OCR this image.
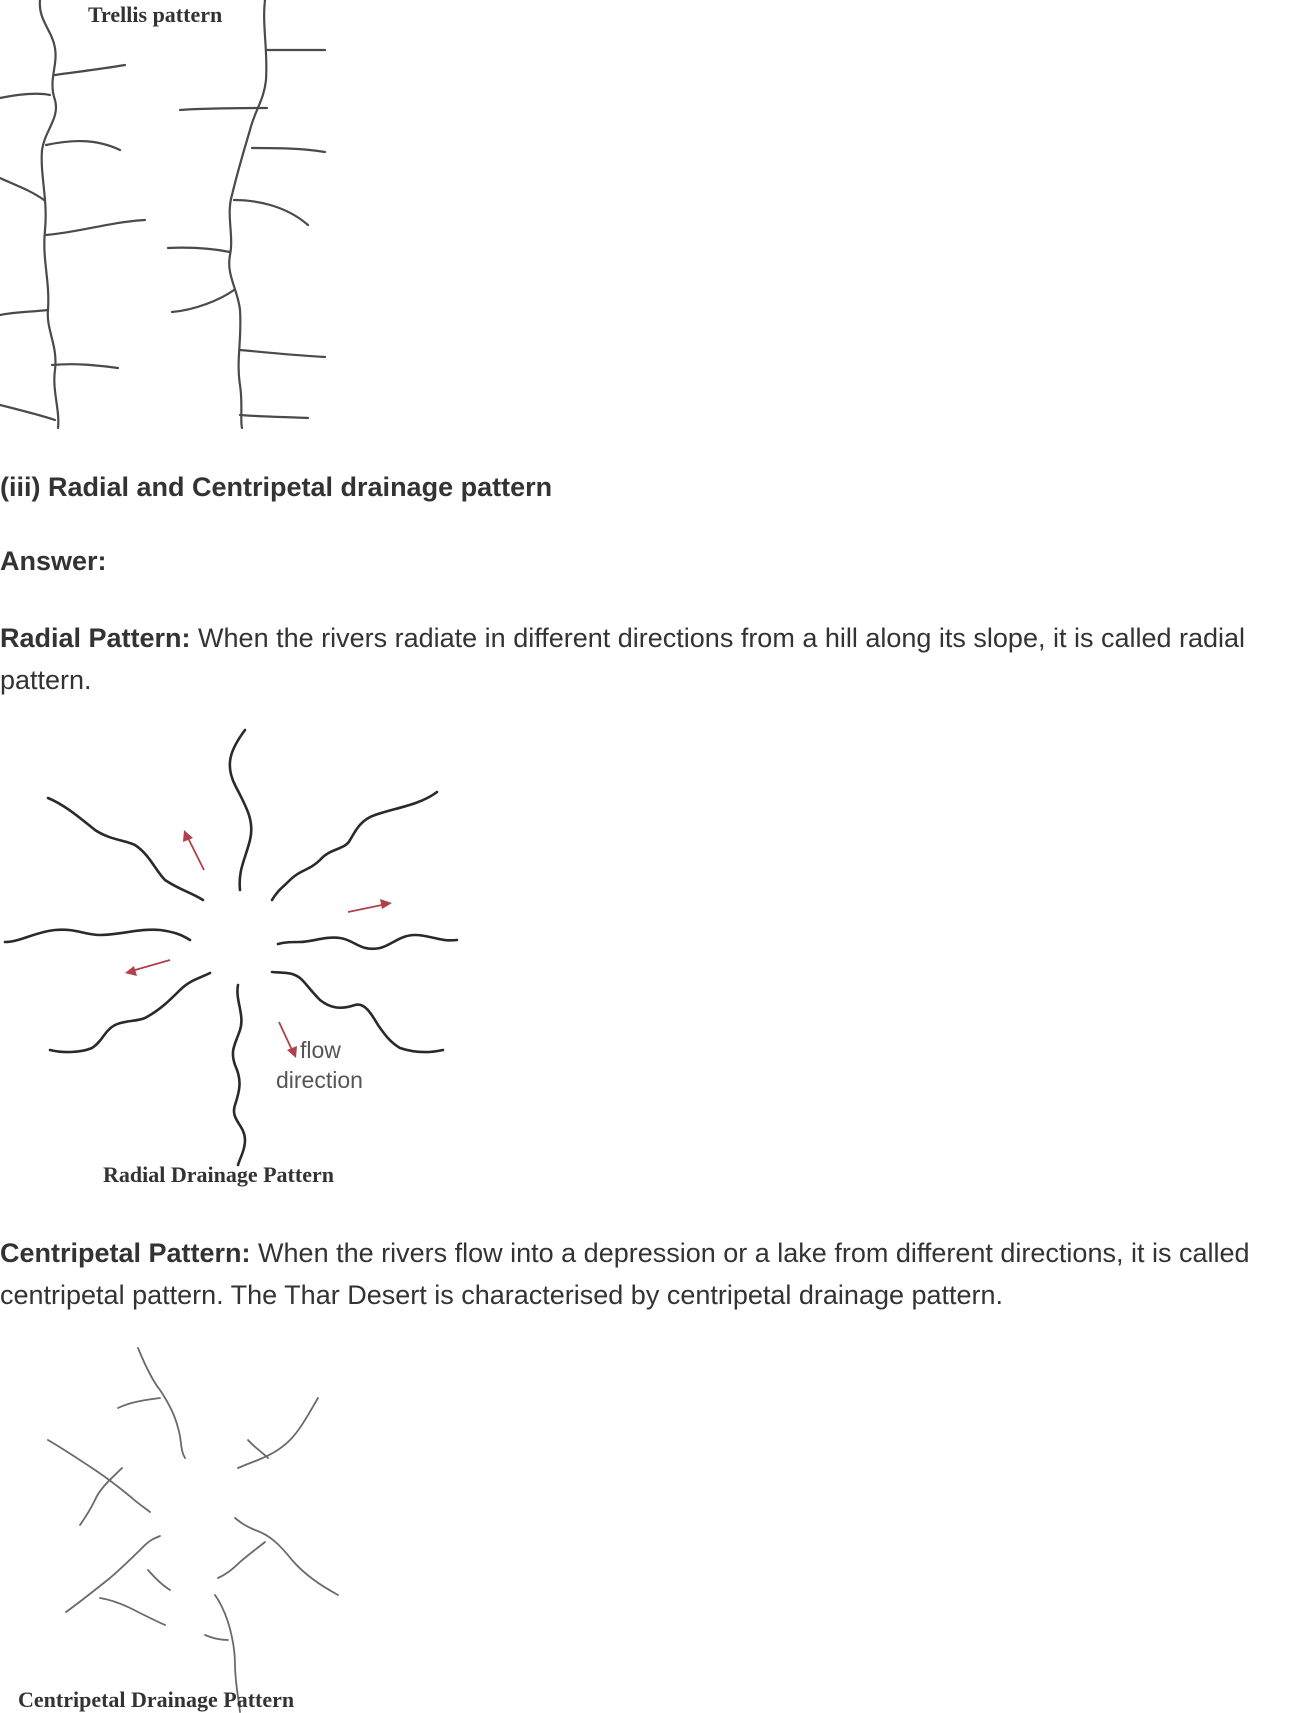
Trellis pattern
(iii) Radial and Centripetal drainage pattern
Answer:
Radial Pattern: When the rivers radiate in different directions from a hill along its slope, it is called radial pattern.
flow
direction
Radial Drainage Pattern
Centripetal Pattern: When the rivers flow into a depression or a lake from different directions, it is called centripetal pattern. The Thar Desert is characterised by centripetal drainage pattern.
Centripetal Drainage Pattern
